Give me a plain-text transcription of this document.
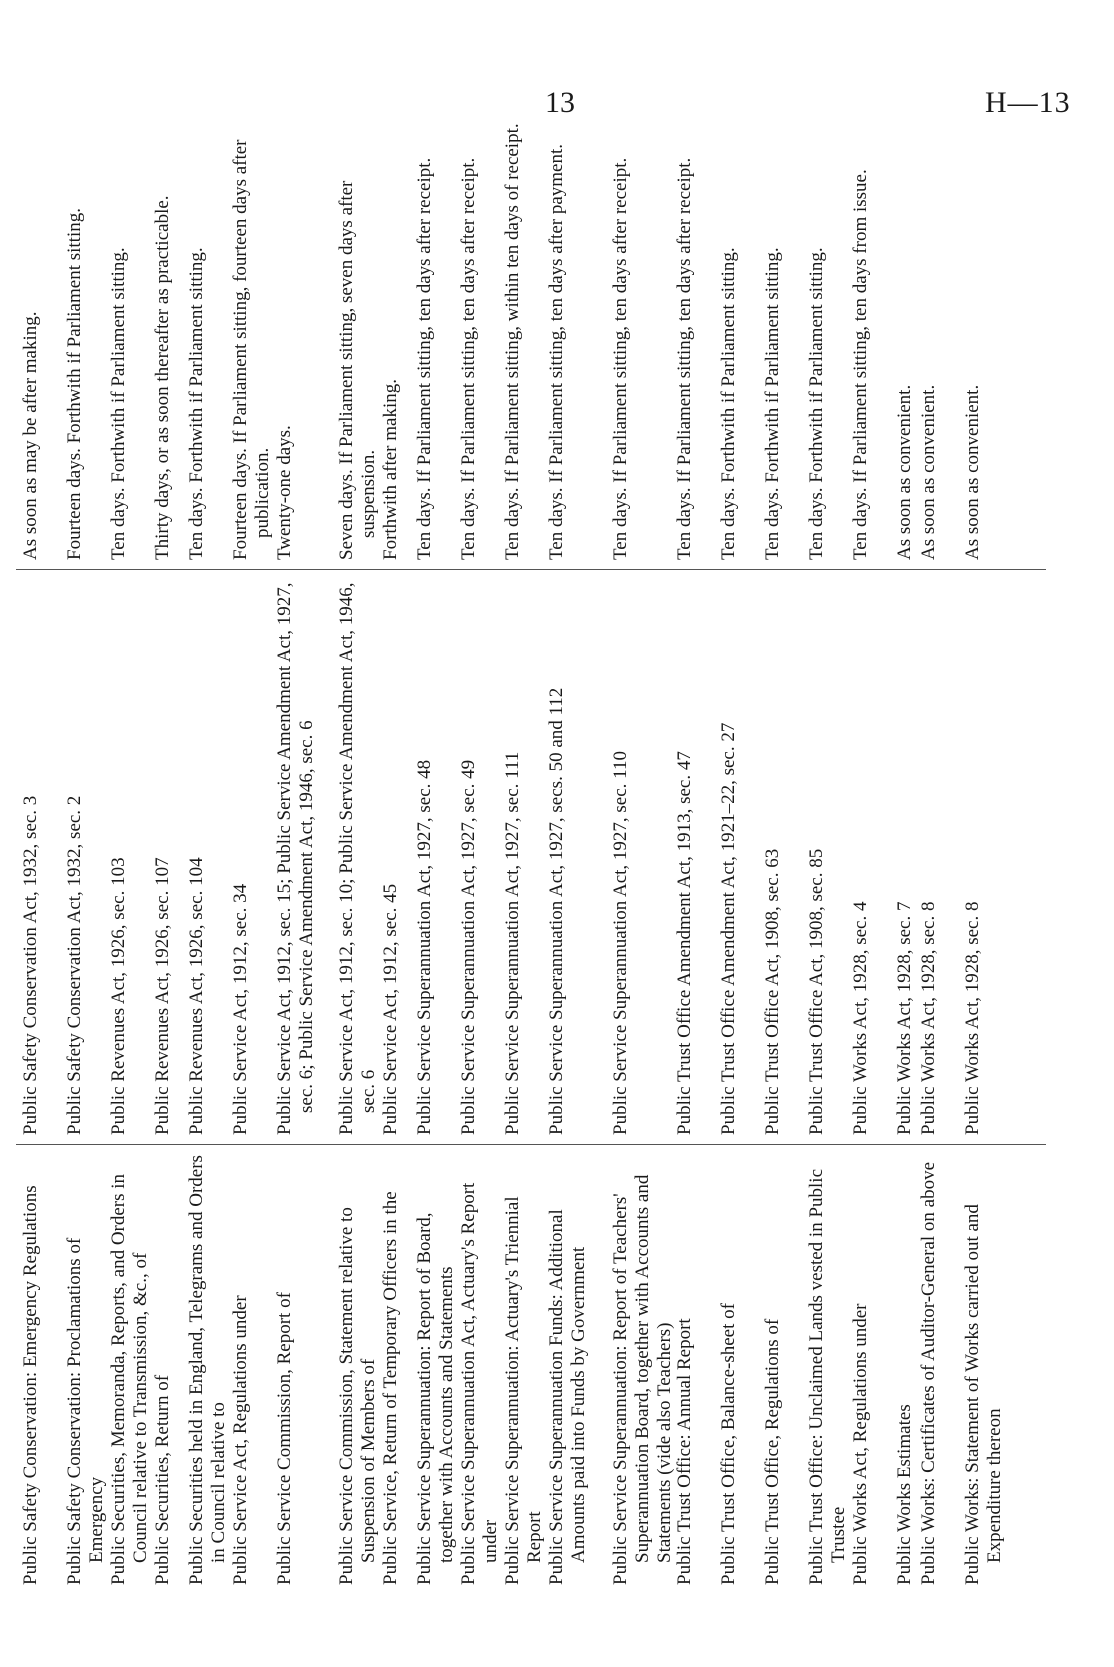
13	H—13
Public Safety Conservation: Emergency Regulations
Public Safety Conservation Act, 1932, sec. 3
As soon as may be after making.
Public Safety Conservation: Proclamations of Emergency
Public Safety Conservation Act, 1932, sec. 2
Fourteen days. Forthwith if Parliament sitting.
Public Securities, Memoranda, Reports, and Orders in Council relative to Transmission, &c., of
Public Revenues Act, 1926, sec. 103
Ten days. Forthwith if Parliament sitting.
Public Securities, Return of
Public Revenues Act, 1926, sec. 107
Thirty days, or as soon thereafter as practicable.
Public Securities held in England, Telegrams and Orders in Council relative to
Public Revenues Act, 1926, sec. 104
Ten days. Forthwith if Parliament sitting.
Public Service Act, Regulations under
Public Service Act, 1912, sec. 34
Fourteen days. If Parliament sitting, fourteen days after publication.
Public Service Commission, Report of
Public Service Act, 1912, sec. 15; Public Service Amendment Act, 1927, sec. 6; Public Service Amendment Act, 1946, sec. 6
Twenty-one days.
Public Service Commission, Statement relative to Suspension of Members of
Public Service Act, 1912, sec. 10; Public Service Amendment Act, 1946, sec. 6
Seven days. If Parliament sitting, seven days after suspension.
Public Service, Return of Temporary Officers in the
Public Service Act, 1912, sec. 45
Forthwith after making.
Public Service Superannuation: Report of Board, together with Accounts and Statements
Public Service Superannuation Act, 1927, sec. 48
Ten days. If Parliament sitting, ten days after receipt.
Public Service Superannuation Act, Actuary's Report under
Public Service Superannuation Act, 1927, sec. 49
Ten days. If Parliament sitting, ten days after receipt.
Public Service Superannuation: Actuary's Triennial Report
Public Service Superannuation Act, 1927, sec. 111
Ten days. If Parliament sitting, within ten days of receipt.
Public Service Superannuation Funds: Additional Amounts paid into Funds by Government
Public Service Superannuation Act, 1927, secs. 50 and 112
Ten days. If Parliament sitting, ten days after payment.
Public Service Superannuation: Report of Teachers' Superannuation Board, together with Accounts and Statements (vide also Teachers)
Public Service Superannuation Act, 1927, sec. 110
Ten days. If Parliament sitting, ten days after receipt.
Public Trust Office: Annual Report
Public Trust Office Amendment Act, 1913, sec. 47
Ten days. If Parliament sitting, ten days after receipt.
Public Trust Office, Balance-sheet of
Public Trust Office Amendment Act, 1921–22, sec. 27
Ten days. Forthwith if Parliament sitting.
Public Trust Office, Regulations of
Public Trust Office Act, 1908, sec. 63
Ten days. Forthwith if Parliament sitting.
Public Trust Office: Unclaimed Lands vested in Public Trustee
Public Trust Office Act, 1908, sec. 85
Ten days. Forthwith if Parliament sitting.
Public Works Act, Regulations under
Public Works Act, 1928, sec. 4
Ten days. If Parliament sitting, ten days from issue.
Public Works Estimates
Public Works Act, 1928, sec. 7
As soon as convenient.
Public Works: Certificates of Auditor-General on above
Public Works Act, 1928, sec. 8
As soon as convenient.
Public Works: Statement of Works carried out and Expenditure thereon
Public Works Act, 1928, sec. 8
As soon as convenient.
